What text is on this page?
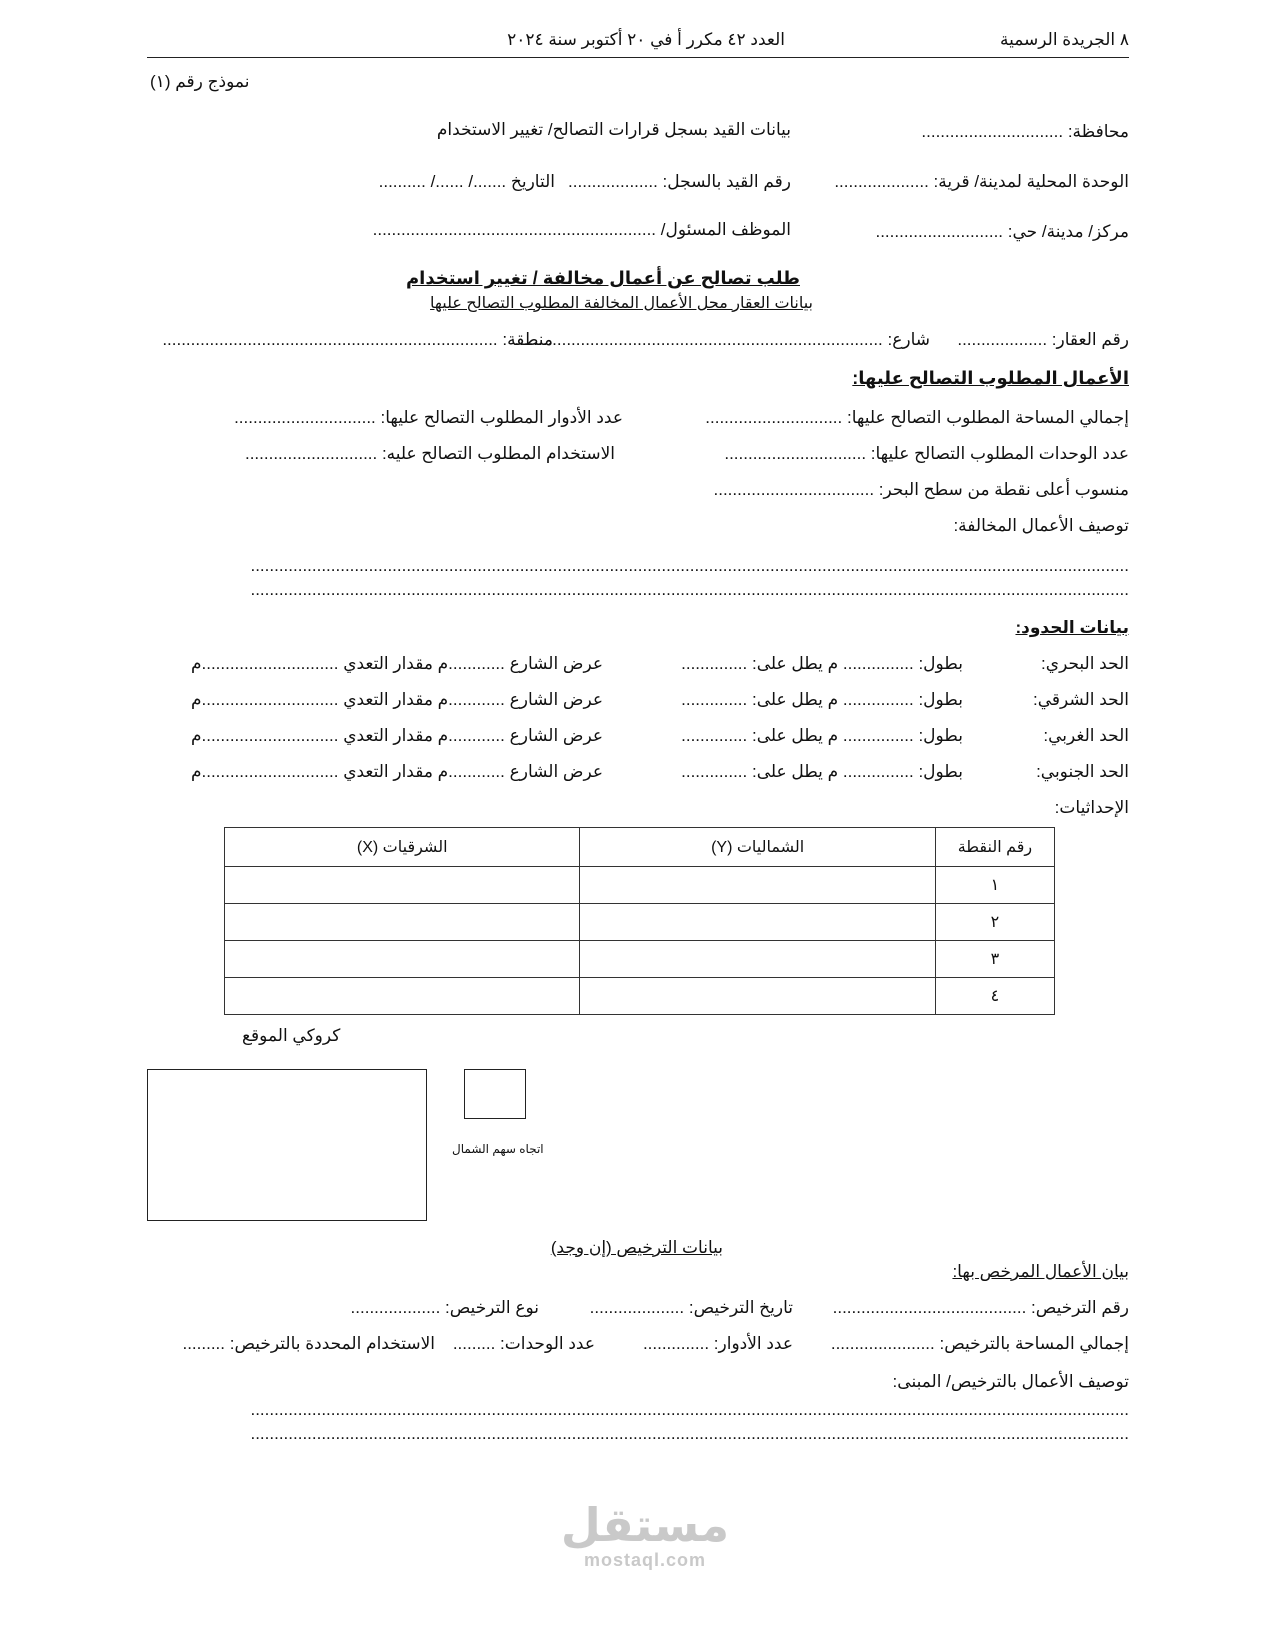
٨ الجريدة الرسمية
العدد ٤٢ مكرر أ في ٢٠ أكتوبر سنة ٢٠٢٤
نموذج رقم (١)
محافظة: ..............................
بيانات القيد بسجل قرارات التصالح/ تغيير الاستخدام
الوحدة المحلية لمدينة/ قرية: ....................
رقم القيد بالسجل: ...................
التاريخ ......./ ....../ ..........
مركز/ مدينة/ حي: ...........................
الموظف المسئول/ ............................................................
طلب تصالح عن أعمال مخالفة / تغيير استخدام
بيانات العقار محل الأعمال المخالفة المطلوب التصالح عليها
رقم العقار: ...................
شارع: ..............................................................................
منطقة: .......................................................................
الأعمال المطلوب التصالح عليها:
إجمالي المساحة المطلوب التصالح عليها: .............................
عدد الأدوار المطلوب التصالح عليها: ..............................
عدد الوحدات المطلوب التصالح عليها: ..............................
الاستخدام المطلوب التصالح عليه: ............................
منسوب أعلى نقطة من سطح البحر: ..................................
توصيف الأعمال المخالفة:
..........................................................................................................................................................................................
..........................................................................................................................................................................................
بيانات الحدود:
الحد البحري:
بطول: ............... م يطل على: ..............
عرض الشارع ............م مقدار التعدي .............................م
الحد الشرقي:
بطول: ............... م يطل على: ..............
عرض الشارع ............م مقدار التعدي .............................م
الحد الغربي:
بطول: ............... م يطل على: ..............
عرض الشارع ............م مقدار التعدي .............................م
الحد الجنوبي:
بطول: ............... م يطل على: ..............
عرض الشارع ............م مقدار التعدي .............................م
الإحداثيات:
رقم النقطة	الشماليات (Y)	الشرقيات (X)
١		
٢		
٣		
٤		
كروكي الموقع
اتجاه سهم الشمال
بيانات الترخيص (إن وجد)
بيان الأعمال المرخص بها:
رقم الترخيص: .........................................
تاريخ الترخيص: ....................
نوع الترخيص: ...................
إجمالي المساحة بالترخيص: ......................
عدد الأدوار: ..............
عدد الوحدات: .........
الاستخدام المحددة بالترخيص: .........
توصيف الأعمال بالترخيص/ المبنى:
..........................................................................................................................................................................................
..........................................................................................................................................................................................
مستقل
mostaql.com
